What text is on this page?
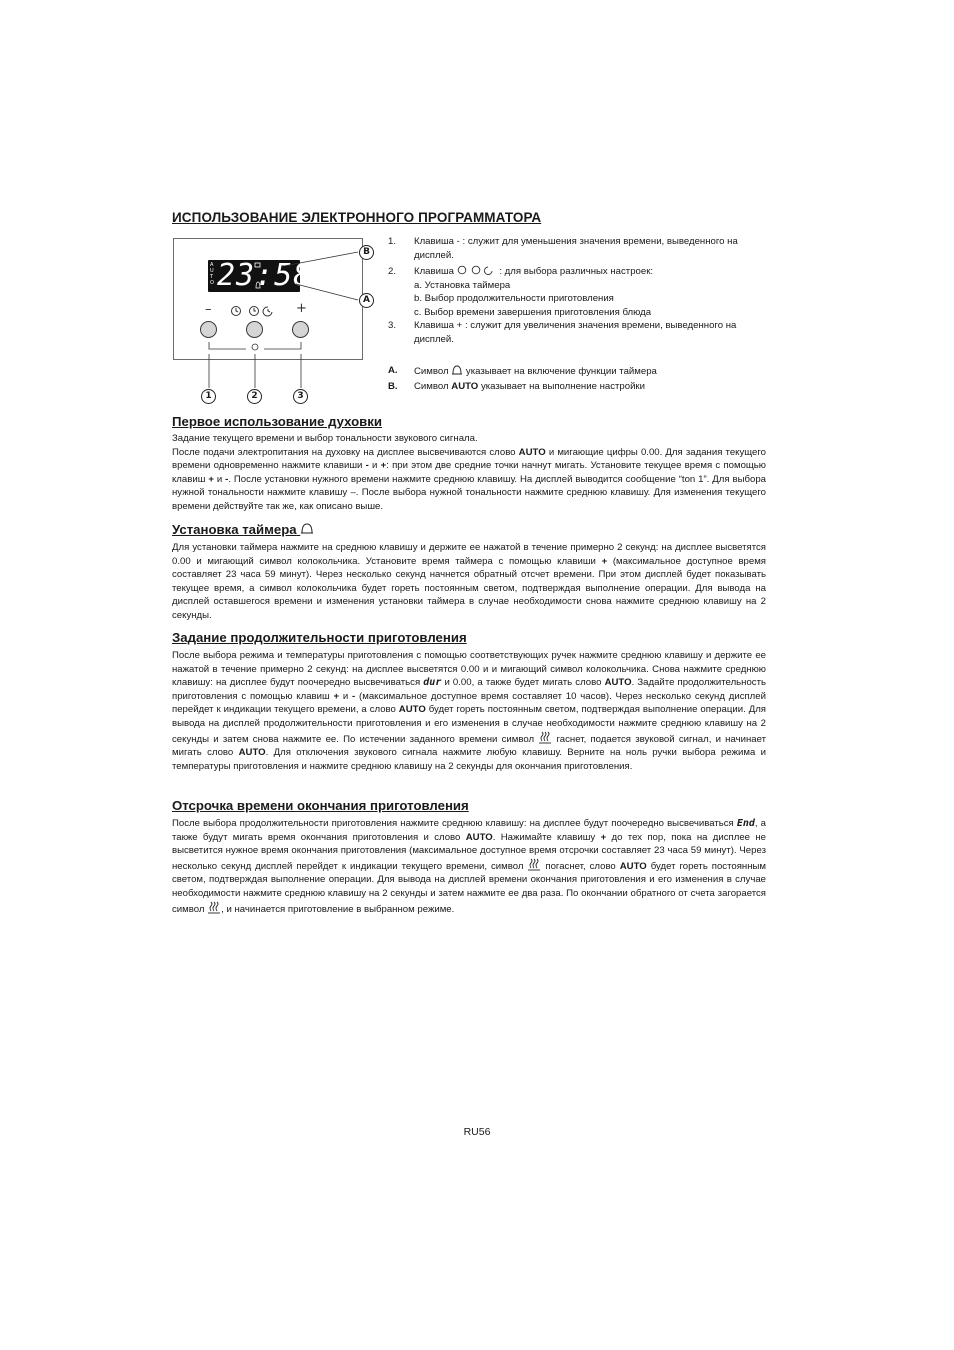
ИСПОЛЬЗОВАНИЕ ЭЛЕКТРОННОГО ПРОГРАММАТОРА
A
U
T
O 23:58
–	+
B
A
1	2	3
1. Клавиша - : служит для уменьшения значения времени, выведенного на дисплей.
2. Клавиша	: для выбора различных настроек:
a. Установка таймера
b. Выбор продолжительности приготовления
c. Выбор времени завершения приготовления блюда
3. Клавиша + : служит для увеличения значения времени, выведенного на дисплей.
A. Символ  указывает на включение функции таймера
B. Символ AUTO указывает на выполнение настройки
Первое использование духовки

Задание текущего времени и выбор тональности звукового сигнала.

После подачи электропитания на духовку на дисплее высвечиваются слово AUTO и мигающие цифры 0.00. Для задания текущего времени одновременно нажмите клавиши - и +: при этом две средние точки начнут мигать. Установите текущее время с помощью клавиш + и -. После установки нужного времени нажмите среднюю клавишу. На дисплей выводится сообщение “ton 1”. Для выбора нужной тональности нажмите клавишу –. После выбора нужной тональности нажмите среднюю клавишу. Для изменения текущего времени действуйте так же, как описано выше.

Установка таймера

Для установки таймера нажмите на среднюю клавишу и держите ее нажатой в течение примерно 2 секунд: на дисплее высветятся 0.00 и мигающий символ колокольчика. Установите время таймера с помощью клавиши + (максимальное доступное время составляет 23 часа 59 минут). Через несколько секунд начнется обратный отсчет времени. При этом дисплей будет показывать текущее время, а символ колокольчика будет гореть постоянным светом, подтверждая выполнение операции. Для вывода на дисплей оставшегося времени и изменения установки таймера в случае необходимости снова нажмите среднюю клавишу на 2 секунды.

Задание продолжительности приготовления

После выбора режима и температуры приготовления с помощью соответствующих ручек нажмите среднюю клавишу и держите ее нажатой в течение примерно 2 секунд: на дисплее высветятся 0.00 и и мигающий символ колокольчика. Снова нажмите среднюю клавишу: на дисплее будут поочередно высвечиваться dur и 0.00, а также будет мигать слово AUTO. Задайте продолжительность приготовления с помощью клавиш + и - (максимальное доступное время составляет 10 часов). Через несколько секунд дисплей перейдет к индикации текущего времени, а слово AUTO будет гореть постоянным светом, подтверждая выполнение операции. Для вывода на дисплей продолжительности приготовления и его изменения в случае необходимости нажмите среднюю клавишу на 2 секунды и затем снова нажмите ее. По истечении заданного времени символ  гаснет, подается звуковой сигнал, и начинает мигать слово AUTO. Для отключения звукового сигнала нажмите любую клавишу. Верните на ноль ручки выбора режима и температуры приготовления и нажмите среднюю клавишу на 2 секунды для окончания приготовления.

Отсрочка времени окончания приготовления

После выбора продолжительности приготовления нажмите среднюю клавишу: на дисплее будут поочередно высвечиваться End, а также будут мигать время окончания приготовления и слово AUTO. Нажимайте клавишу + до тех пор, пока на дисплее не высветится нужное время окончания приготовления (максимальное доступное время отсрочки составляет 23 часа 59 минут). Через несколько секунд дисплей перейдет к индикации текущего времени, символ  погаснет, слово AUTO будет гореть постоянным светом, подтверждая выполнение операции. Для вывода на дисплей времени окончания приготовления и его изменения в случае необходимости нажмите среднюю клавишу на 2 секунды и затем нажмите ее два раза. По окончании обратного от счета загорается символ , и начинается приготовление в выбранном режиме.

RU56
